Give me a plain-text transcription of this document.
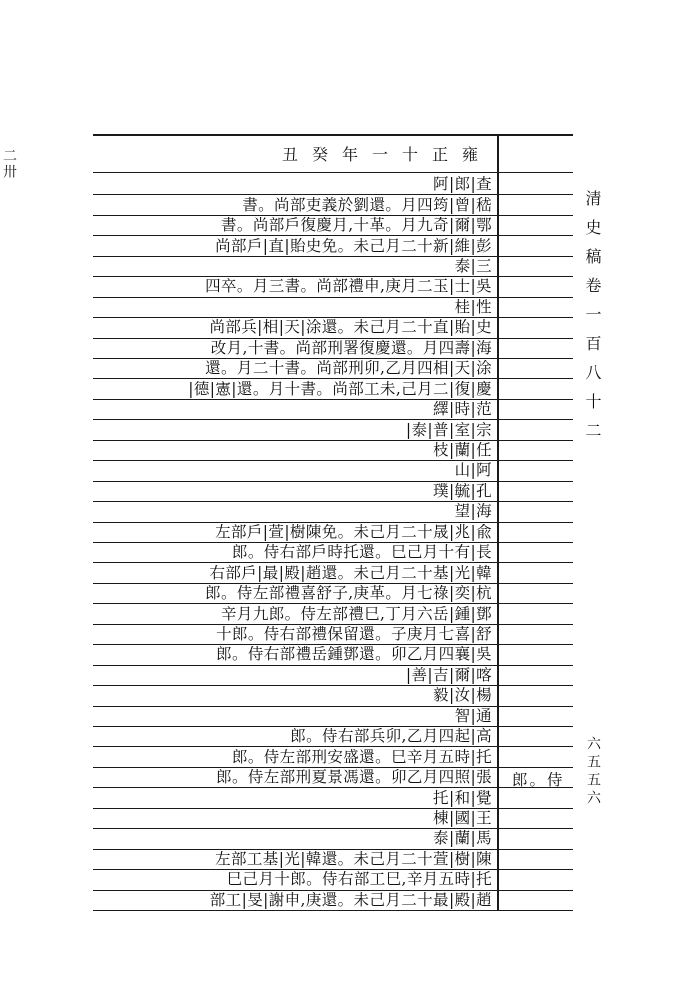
二卅
清史稿卷一百八十二
六五五六
丑癸年一十正雍
郎。侍
阿|郎|查
書。尚部吏義於劉還。月四筠|曾|嵇
書。尚部戶復慶月,十革。月九奇|爾|鄂
尚部戶|直|貽史免。未己月二十新|維|彭
泰|三
四卒。月三書。尚部禮申,庚月二玉|士|吳
桂|性
尚部兵|相|天|涂還。未己月二十直|貽|史
改月,十書。尚部刑署復慶還。月四壽|海
還。月二十書。尚部刑卯,乙月四相|天|涂
|德|憲|還。月十書。尚部工未,己月二|復|慶
繹|時|范
|泰|普|室|宗
枝|蘭|任
山|阿
璞|毓|孔
望|海
左部戶|萱|樹陳免。未己月二十晟|兆|兪
郎。侍右部戶時托還。巳己月十有|長
右部戶|最|殿|趙還。未己月二十基|光|韓
郎。侍左部禮喜舒子,庚革。月七祿|奕|杭
辛月九郎。侍左部禮巳,丁月六岳|鍾|鄧
十郎。侍右部禮保留還。子庚月七喜|舒
郎。侍右部禮岳鍾鄧還。卯乙月四襄|吳
|善|吉|爾|喀
毅|汝|楊
智|通
郎。侍右部兵卯,乙月四起|高
郎。侍左部刑安盛還。巳辛月五時|托
郎。侍左部刑夏景馮還。卯乙月四照|張
托|和|覺
棟|國|王
泰|蘭|馬
左部工基|光|韓還。未己月二十萱|樹|陳
巳己月十郎。侍右部工巳,辛月五時|托
部工|旻|謝申,庚還。未己月二十最|殿|趙
